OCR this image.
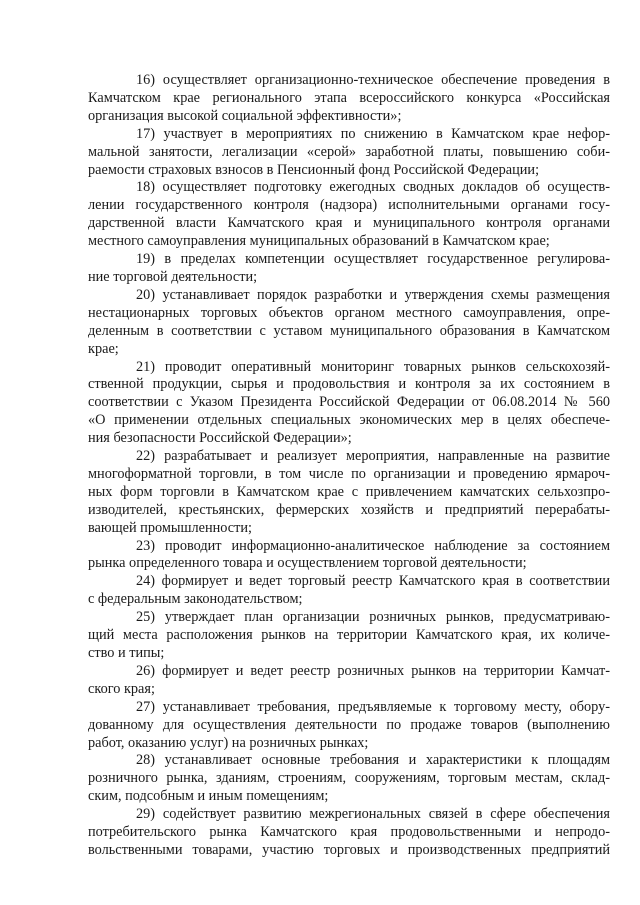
16) осуществляет организационно-техническое обеспечение проведения в
Камчатском крае регионального этапа всероссийского конкурса «Российская
организация высокой социальной эффективности»;

17) участвует в мероприятиях по снижению в Камчатском крае нефор-
мальной занятости, легализации «серой» заработной платы, повышению соби-
раемости страховых взносов в Пенсионный фонд Российской Федерации;

18) осуществляет подготовку ежегодных сводных докладов об осуществ-
лении государственного контроля (надзора) исполнительными органами госу-
дарственной власти Камчатского края и муниципального контроля органами
местного самоуправления муниципальных образований в Камчатском крае;

19) в пределах компетенции осуществляет государственное регулирова-
ние торговой деятельности;

20) устанавливает порядок разработки и утверждения схемы размещения
нестационарных торговых объектов органом местного самоуправления, опре-
деленным в соответствии с уставом муниципального образования в Камчатском
крае;

21) проводит оперативный мониторинг товарных рынков сельскохозяй-
ственной продукции, сырья и продовольствия и контроля за их состоянием в
соответствии с Указом Президента Российской Федерации от 06.08.2014 № 560
«О применении отдельных специальных экономических мер в целях обеспече-
ния безопасности Российской Федерации»;

22) разрабатывает и реализует мероприятия, направленные на развитие
многоформатной торговли, в том числе по организации и проведению ярмароч-
ных форм торговли в Камчатском крае с привлечением камчатских сельхозпро-
изводителей, крестьянских, фермерских хозяйств и предприятий перерабаты-
вающей промышленности;

23) проводит информационно-аналитическое наблюдение за состоянием
рынка определенного товара и осуществлением торговой деятельности;

24) формирует и ведет торговый реестр Камчатского края в соответствии
с федеральным законодательством;

25) утверждает план организации розничных рынков, предусматриваю-
щий места расположения рынков на территории Камчатского края, их количе-
ство и типы;

26) формирует и ведет реестр розничных рынков на территории Камчат-
ского края;

27) устанавливает требования, предъявляемые к торговому месту, обору-
дованному для осуществления деятельности по продаже товаров (выполнению
работ, оказанию услуг) на розничных рынках;

28) устанавливает основные требования и характеристики к площадям
розничного рынка, зданиям, строениям, сооружениям, торговым местам, склад-
ским, подсобным и иным помещениям;

29) содействует развитию межрегиональных связей в сфере обеспечения
потребительского рынка Камчатского края продовольственными и непродо-
вольственными товарами, участию торговых и производственных предприятий
